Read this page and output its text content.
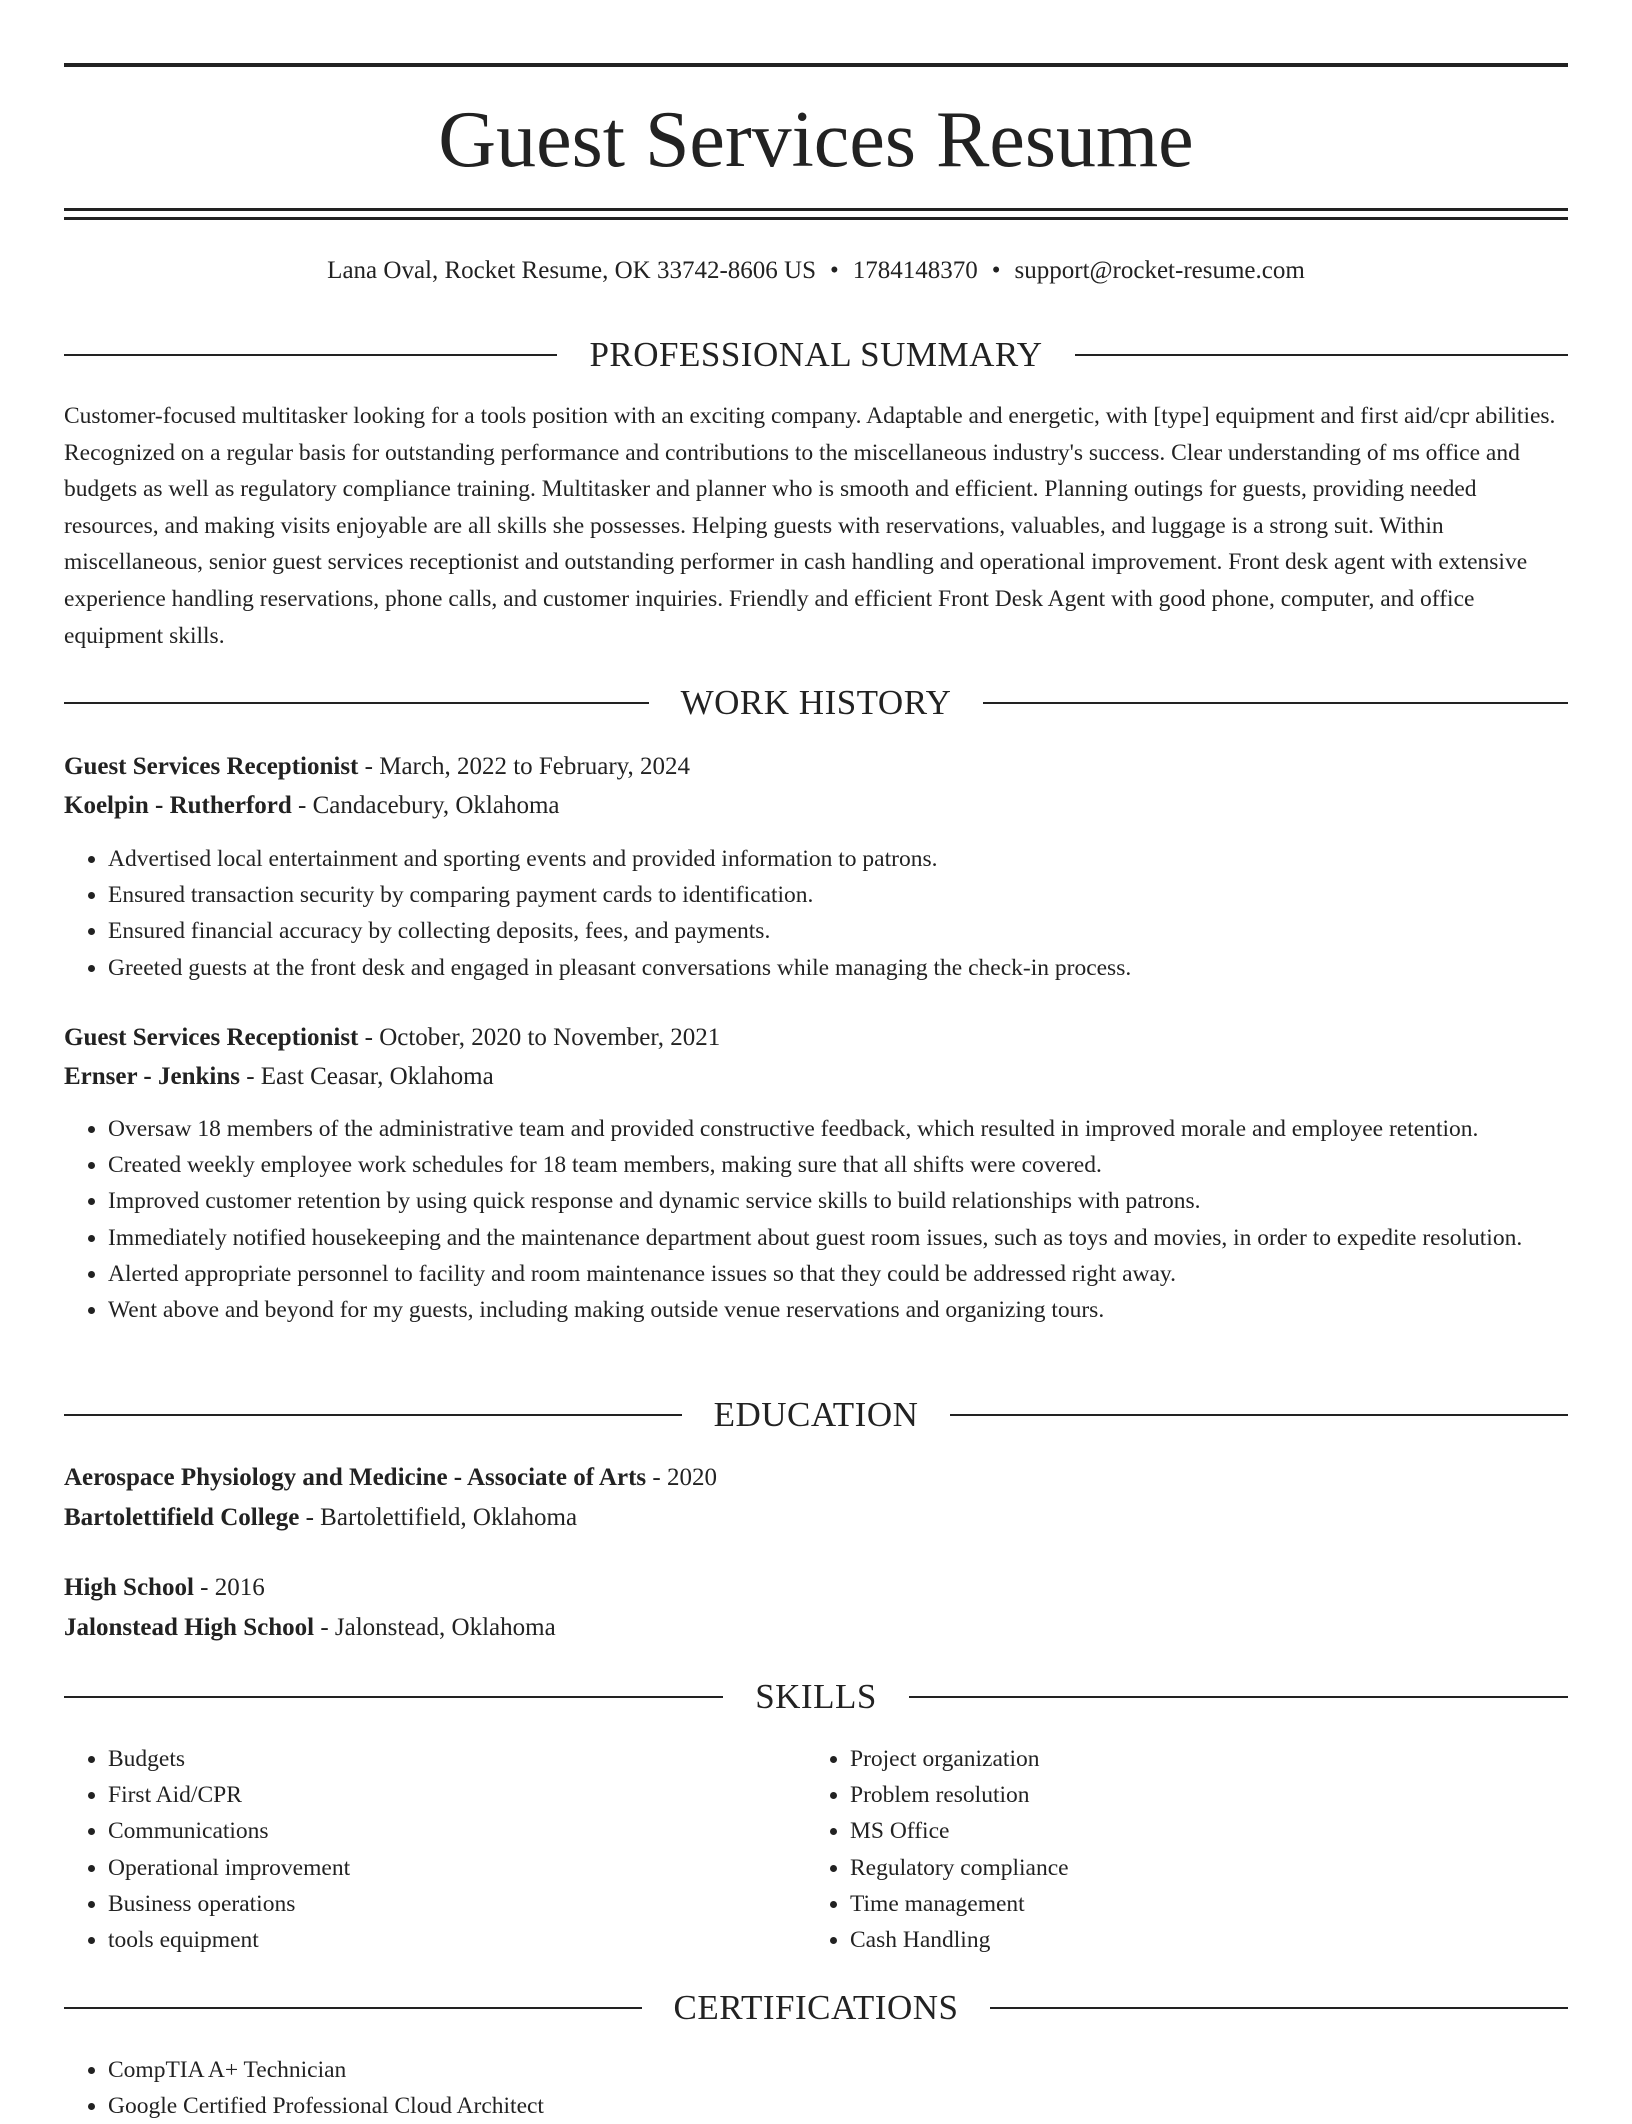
Guest Services Resume
Lana Oval, Rocket Resume, OK 33742-8606 US • 1784148370 • support@rocket-resume.com
PROFESSIONAL SUMMARY

Customer-focused multitasker looking for a tools position with an exciting company. Adaptable and energetic, with [type] equipment and first aid/cpr abilities. Recognized on a regular basis for outstanding performance and contributions to the miscellaneous industry's success. Clear understanding of ms office and budgets as well as regulatory compliance training. Multitasker and planner who is smooth and efficient. Planning outings for guests, providing needed resources, and making visits enjoyable are all skills she possesses. Helping guests with reservations, valuables, and luggage is a strong suit. Within miscellaneous, senior guest services receptionist and outstanding performer in cash handling and operational improvement. Front desk agent with extensive experience handling reservations, phone calls, and customer inquiries. Friendly and efficient Front Desk Agent with good phone, computer, and office equipment skills.

WORK HISTORY
Guest Services Receptionist - March, 2022 to February, 2024
Koelpin - Rutherford - Candacebury, Oklahoma
• Advertised local entertainment and sporting events and provided information to patrons.
• Ensured transaction security by comparing payment cards to identification.
• Ensured financial accuracy by collecting deposits, fees, and payments.
• Greeted guests at the front desk and engaged in pleasant conversations while managing the check-in process.
Guest Services Receptionist - October, 2020 to November, 2021
Ernser - Jenkins - East Ceasar, Oklahoma
• Oversaw 18 members of the administrative team and provided constructive feedback, which resulted in improved morale and employee retention.
• Created weekly employee work schedules for 18 team members, making sure that all shifts were covered.
• Improved customer retention by using quick response and dynamic service skills to build relationships with patrons.
• Immediately notified housekeeping and the maintenance department about guest room issues, such as toys and movies, in order to expedite resolution.
• Alerted appropriate personnel to facility and room maintenance issues so that they could be addressed right away.
• Went above and beyond for my guests, including making outside venue reservations and organizing tours.
EDUCATION
Aerospace Physiology and Medicine - Associate of Arts - 2020
Bartolettifield College - Bartolettifield, Oklahoma
High School - 2016
Jalonstead High School - Jalonstead, Oklahoma
SKILLS
• Budgets
• First Aid/CPR
• Communications
• Operational improvement
• Business operations
• tools equipment
• Project organization
• Problem resolution
• MS Office
• Regulatory compliance
• Time management
• Cash Handling
CERTIFICATIONS
• CompTIA A+ Technician
• Google Certified Professional Cloud Architect
